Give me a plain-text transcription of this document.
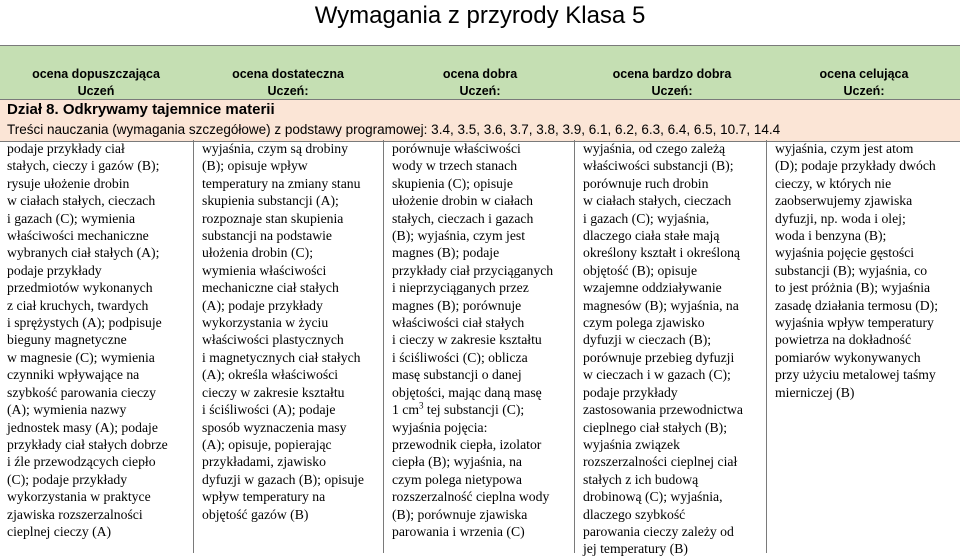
Wymagania z przyrody Klasa 5
ocena dopuszczająca
Uczeń
ocena dostateczna
Uczeń:
ocena dobra
Uczeń:
ocena bardzo dobra
Uczeń:
ocena celująca
Uczeń:
Dział 8. Odkrywamy tajemnice materii
Treści nauczania (wymagania szczegółowe) z podstawy programowej: 3.4, 3.5, 3.6, 3.7, 3.8, 3.9, 6.1, 6.2, 6.3, 6.4, 6.5, 10.7, 14.4

podaje przykłady ciał

stałych, cieczy i gazów (B);

rysuje ułożenie drobin

w ciałach stałych, cieczach

i gazach (C); wymienia

właściwości mechaniczne

wybranych ciał stałych (A);

podaje przykłady

przedmiotów wykonanych

z ciał kruchych, twardych

i sprężystych (A); podpisuje

bieguny magnetyczne

w magnesie (C); wymienia

czynniki wpływające na

szybkość parowania cieczy

(A); wymienia nazwy

jednostek masy (A); podaje

przykłady ciał stałych dobrze

i źle przewodzących ciepło

(C); podaje przykłady

wykorzystania w praktyce

zjawiska rozszerzalności

cieplnej cieczy (A)

wyjaśnia, czym są drobiny

(B); opisuje wpływ

temperatury na zmiany stanu

skupienia substancji (A);

rozpoznaje stan skupienia

substancji na podstawie

ułożenia drobin (C);

wymienia właściwości

mechaniczne ciał stałych

(A); podaje przykłady

wykorzystania w życiu

właściwości plastycznych

i magnetycznych ciał stałych

(A); określa właściwości

cieczy w zakresie kształtu

i ściśliwości (A); podaje

sposób wyznaczenia masy

(A); opisuje, popierając

przykładami, zjawisko

dyfuzji w gazach (B); opisuje

wpływ temperatury na

objętość gazów (B)

porównuje właściwości

wody w trzech stanach

skupienia (C); opisuje

ułożenie drobin w ciałach

stałych, cieczach i gazach

(B); wyjaśnia, czym jest

magnes (B); podaje

przykłady ciał przyciąganych

i nieprzyciąganych przez

magnes (B); porównuje

właściwości ciał stałych

i cieczy w zakresie kształtu

i ściśliwości (C); oblicza

masę substancji o danej

objętości, mając daną masę

1 $cm^3$ tej substancji (C);

wyjaśnia pojęcia:

przewodnik ciepła, izolator

ciepła (B); wyjaśnia, na

czym polega nietypowa

rozszerzalność cieplna wody

(B); porównuje zjawiska

parowania i wrzenia (C)

wyjaśnia, od czego zależą

właściwości substancji (B);

porównuje ruch drobin

w ciałach stałych, cieczach

i gazach (C); wyjaśnia,

dlaczego ciała stałe mają

określony kształt i określoną

objętość (B); opisuje

wzajemne oddziaływanie

magnesów (B); wyjaśnia, na

czym polega zjawisko

dyfuzji w cieczach (B);

porównuje przebieg dyfuzji

w cieczach i w gazach (C);

podaje przykłady

zastosowania przewodnictwa

cieplnego ciał stałych (B);

wyjaśnia związek

rozszerzalności cieplnej ciał

stałych z ich budową

drobinową (C); wyjaśnia,

dlaczego szybkość

parowania cieczy zależy od

jej temperatury (B)

wyjaśnia, czym jest atom

(D); podaje przykłady dwóch

cieczy, w których nie

zaobserwujemy zjawiska

dyfuzji, np. woda i olej;

woda i benzyna (B);

wyjaśnia pojęcie gęstości

substancji (B); wyjaśnia, co

to jest próżnia (B); wyjaśnia

zasadę działania termosu (D);

wyjaśnia wpływ temperatury

powietrza na dokładność

pomiarów wykonywanych

przy użyciu metalowej taśmy

mierniczej (B)
